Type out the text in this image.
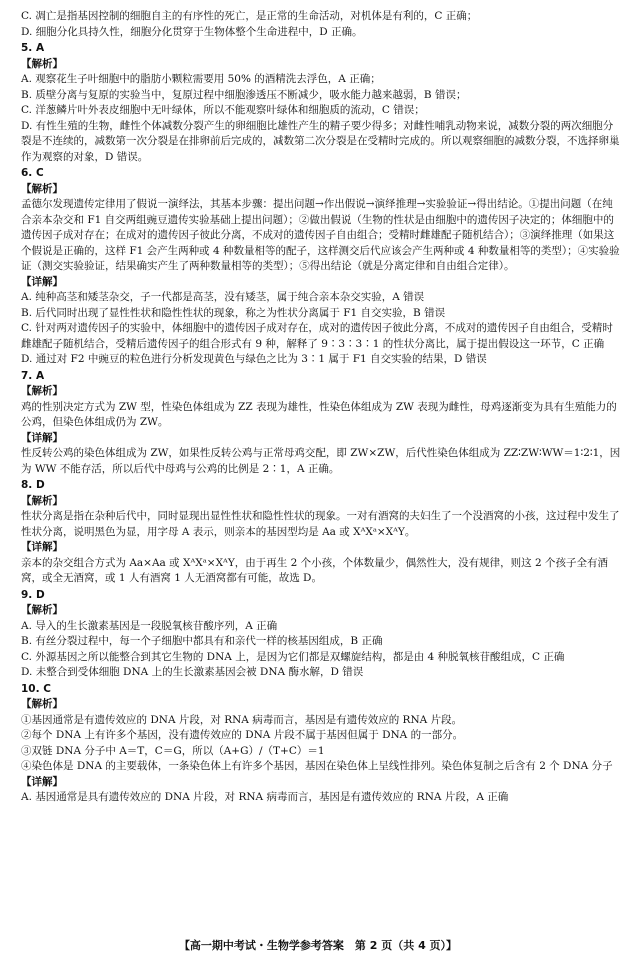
C. 凋亡是指基因控制的细胞自主的有序性的死亡，是正常的生命活动，对机体是有利的，C 正确；
D. 细胞分化具持久性，细胞分化贯穿于生物体整个生命进程中，D 正确。
5. A
【解析】
A. 观察花生子叶细胞中的脂肪小颗粒需要用 50% 的酒精洗去浮色，A 正确；
B. 质壁分离与复原的实验当中，复原过程中细胞渗透压不断减少，吸水能力越来越弱，B 错误；
C. 洋葱鳞片叶外表皮细胞中无叶绿体，所以不能观察叶绿体和细胞质的流动，C 错误；
D. 有性生殖的生物，雌性个体减数分裂产生的卵细胞比雄性产生的精子要少得多；对雌性哺乳动物来说，减数分裂的两次细胞分裂是不连续的，减数第一次分裂是在排卵前后完成的，减数第二次分裂是在受精时完成的。所以观察细胞的减数分裂，不选择卵巢作为观察的对象，D 错误。
6. C
【解析】
孟德尔发现遗传定律用了假说一演绎法，其基本步骤：提出问题→作出假说→演绎推理→实验验证→得出结论。①提出问题（在纯合亲本杂交和 F1 自交两组豌豆遗传实验基础上提出问题）；②做出假说（生物的性状是由细胞中的遗传因子决定的；体细胞中的遗传因子成对存在；在成对的遗传因子彼此分离，不成对的遗传因子自由组合；受精时雌雄配子随机结合）；③演绎推理（如果这个假说是正确的，这样 F1 会产生两种或 4 种数量相等的配子，这样测交后代应该会产生两种或 4 种数量相等的类型）；④实验验证（测交实验验证，结果确实产生了两种数量相等的类型）；⑤得出结论（就是分离定律和自由组合定律）。
【详解】
A. 纯种高茎和矮茎杂交，子一代都是高茎，没有矮茎，属于纯合亲本杂交实验，A 错误
B. 后代同时出现了显性性状和隐性性状的现象，称之为性状分离属于 F1 自交实验，B 错误
C. 针对两对遗传因子的实验中，体细胞中的遗传因子成对存在，成对的遗传因子彼此分离，不成对的遗传因子自由组合，受精时雌雄配子随机结合，受精后遗传因子的组合形式有 9 种，解释了 9∶3∶3∶1 的性状分离比，属于提出假设这一环节，C 正确
D. 通过对 F2 中豌豆的粒色进行分析发现黄色与绿色之比为 3∶1 属于 F1 自交实验的结果，D 错误
7. A
【解析】
鸡的性别决定方式为 ZW 型，性染色体组成为 ZZ 表现为雄性，性染色体组成为 ZW 表现为雌性，母鸡逐渐变为具有生殖能力的公鸡，但染色体组成仍为 ZW。
【详解】
性反转公鸡的染色体组成为 ZW，如果性反转公鸡与正常母鸡交配，即 ZW×ZW，后代性染色体组成为 ZZ∶ZW∶WW＝1∶2∶1，因为 WW 不能存活，所以后代中母鸡与公鸡的比例是 2∶1，A 正确。
8. D
【解析】
性状分离是指在杂种后代中，同时显现出显性性状和隐性性状的现象。一对有酒窝的夫妇生了一个没酒窝的小孩，这过程中发生了性状分离，说明黑色为显，用字母 A 表示，则亲本的基因型均是 Aa 或 XᴬXᵃ×XᴬY。
【详解】
亲本的杂交组合方式为 Aa×Aa 或 XᴬXᵃ×XᴬY，由于再生 2 个小孩，个体数量少，偶然性大，没有规律，则这 2 个孩子全有酒窝，或全无酒窝，或 1 人有酒窝 1 人无酒窝都有可能，故选 D。
9. D
【解析】
A. 导入的生长激素基因是一段脱氧核苷酸序列，A 正确
B. 有丝分裂过程中，每一个子细胞中都具有和亲代一样的核基因组成，B 正确
C. 外源基因之所以能整合到其它生物的 DNA 上，是因为它们都是双螺旋结构，都是由 4 种脱氧核苷酸组成，C 正确
D. 未整合到受体细胞 DNA 上的生长激素基因会被 DNA 酶水解，D 错误
10. C
【解析】
①基因通常是有遗传效应的 DNA 片段，对 RNA 病毒而言，基因是有遗传效应的 RNA 片段。
②每个 DNA 上有许多个基因，没有遗传效应的 DNA 片段不属于基因但属于 DNA 的一部分。
③双链 DNA 分子中 A＝T，C＝G，所以（A+G）/（T+C）＝1
④染色体是 DNA 的主要载体，一条染色体上有许多个基因，基因在染色体上呈线性排列。染色体复制之后含有 2 个 DNA 分子
【详解】
A. 基因通常是具有遗传效应的 DNA 片段，对 RNA 病毒而言，基因是有遗传效应的 RNA 片段，A 正确
【高一期中考试・生物学参考答案　第 2 页（共 4 页）】
